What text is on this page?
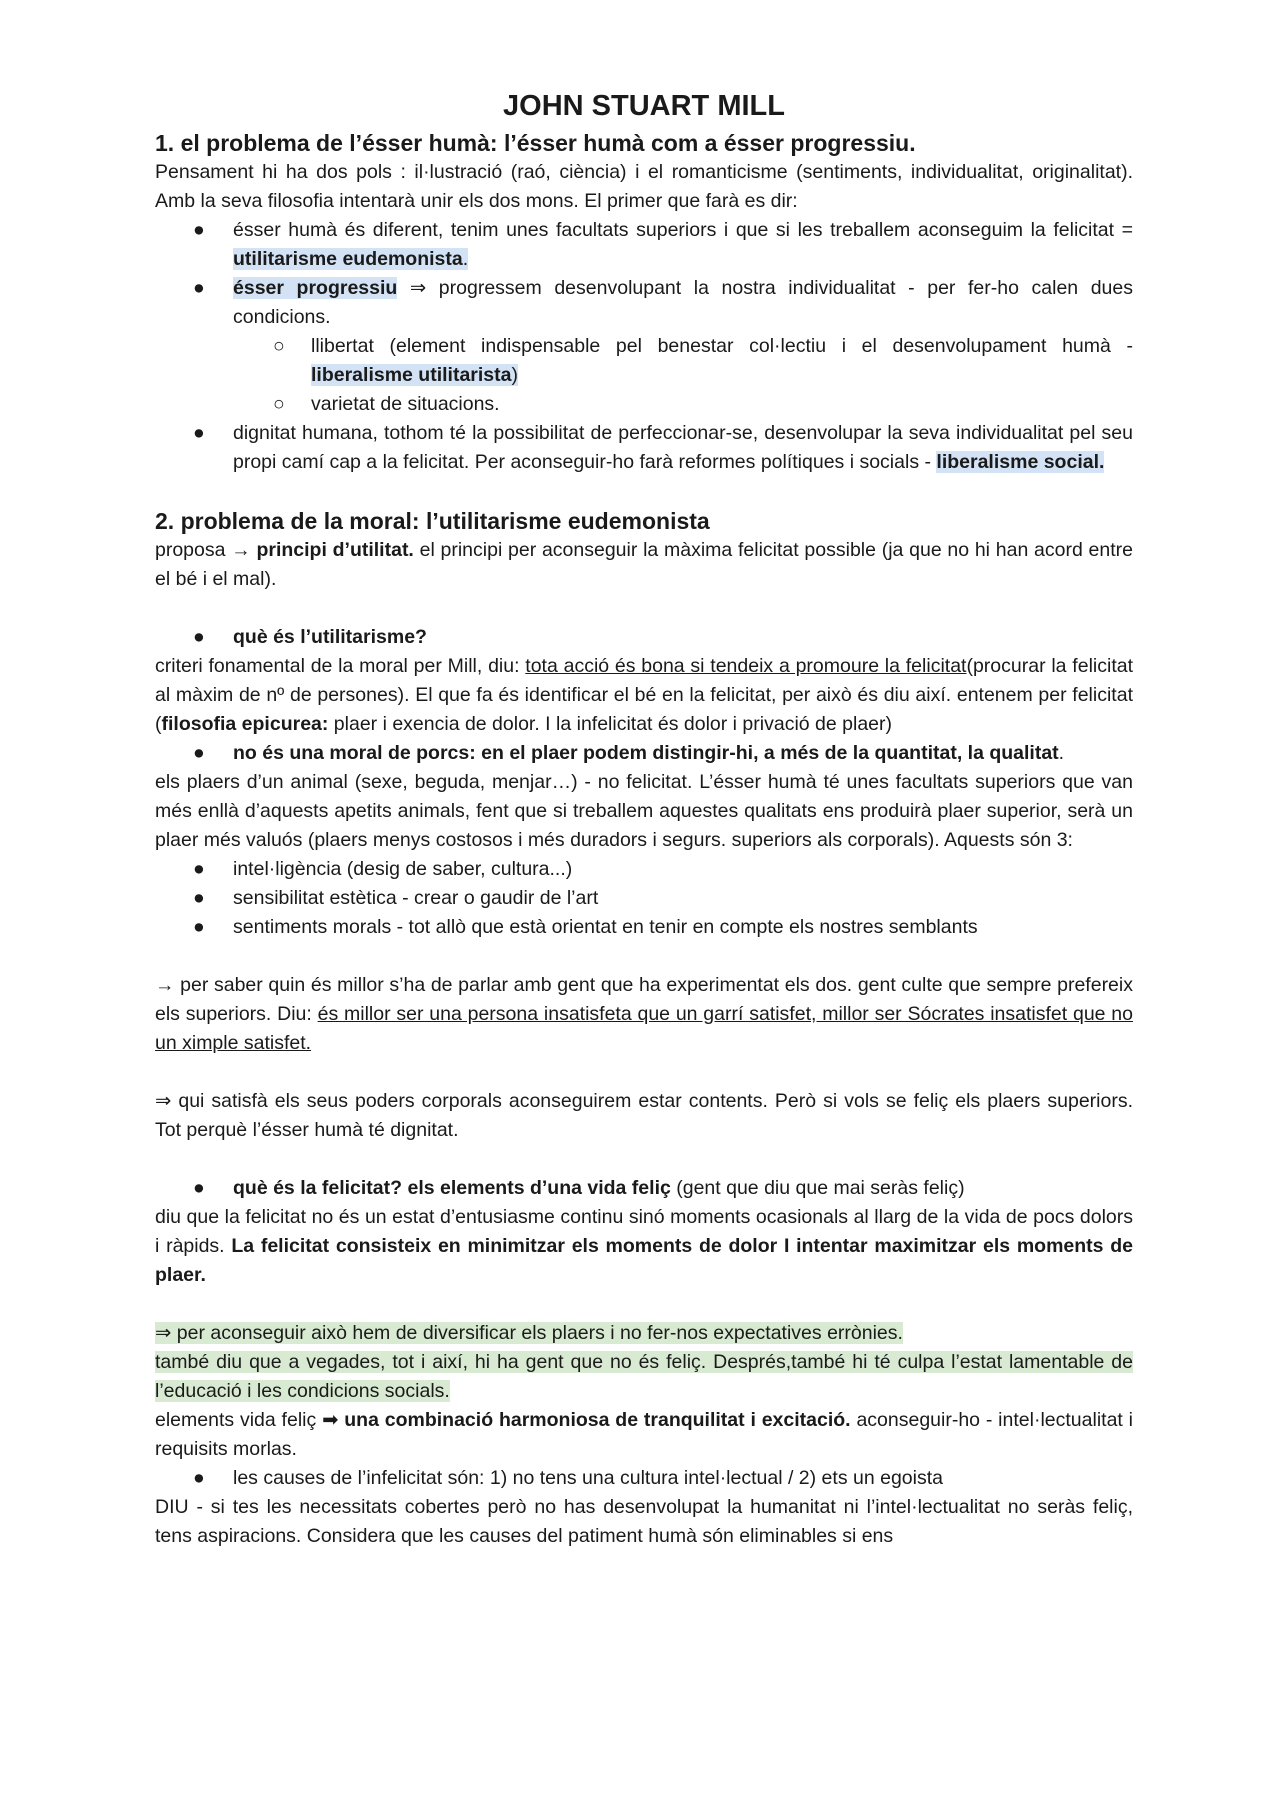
JOHN STUART MILL
1. el problema de l’ésser humà: l’ésser humà com a ésser progressiu.

Pensament hi ha dos pols : il·lustració (raó, ciència) i el romanticisme (sentiments, individualitat, originalitat). Amb la seva filosofia intentarà unir els dos mons. El primer que farà es dir:

● ésser humà és diferent, tenim unes facultats superiors i que si les treballem aconseguim la felicitat = utilitarisme eudemonista.
● ésser progressiu ⇒ progressem desenvolupant la nostra individualitat - per fer-ho calen dues condicions.
○ llibertat (element indispensable pel benestar col·lectiu i el desenvolupament humà - liberalisme utilitarista)
○ varietat de situacions.
● dignitat humana, tothom té la possibilitat de perfeccionar-se, desenvolupar la seva individualitat pel seu propi camí cap a la felicitat. Per aconseguir-ho farà reformes polítiques i socials - liberalisme social.
2. problema de la moral: l’utilitarisme eudemonista

proposa → principi d’utilitat. el principi per aconseguir la màxima felicitat possible (ja que no hi han acord entre el bé i el mal).

● què és l’utilitarisme?

criteri fonamental de la moral per Mill, diu: tota acció és bona si tendeix a promoure la felicitat(procurar la felicitat al màxim de nº de persones). El que fa és identificar el bé en la felicitat, per això és diu així. entenem per felicitat (filosofia epicurea: plaer i exencia de dolor. I la infelicitat és dolor i privació de plaer)

● no és una moral de porcs: en el plaer podem distingir-hi, a més de la quantitat, la qualitat.

els plaers d’un animal (sexe, beguda, menjar…) - no felicitat. L’ésser humà té unes facultats superiors que van més enllà d’aquests apetits animals, fent que si treballem aquestes qualitats ens produirà plaer superior, serà un plaer més valuós (plaers menys costosos i més duradors i segurs. superiors als corporals). Aquests són 3:

● intel·ligència (desig de saber, cultura...)
● sensibilitat estètica - crear o gaudir de l’art
● sentiments morals - tot allò que està orientat en tenir en compte els nostres semblants

→ per saber quin és millor s’ha de parlar amb gent que ha experimentat els dos. gent culte que sempre prefereix els superiors. Diu: és millor ser una persona insatisfeta que un garrí satisfet, millor ser Sócrates insatisfet que no un ximple satisfet.

⇒ qui satisfà els seus poders corporals aconseguirem estar contents. Però si vols se feliç els plaers superiors. Tot perquè l’ésser humà té dignitat.

● què és la felicitat? els elements d’una vida feliç (gent que diu que mai seràs feliç)

diu que la felicitat no és un estat d’entusiasme continu sinó moments ocasionals al llarg de la vida de pocs dolors i ràpids. La felicitat consisteix en minimitzar els moments de dolor I intentar maximitzar els moments de plaer.

⇒ per aconseguir això hem de diversificar els plaers i no fer-nos expectatives errònies.

també diu que a vegades, tot i així, hi ha gent que no és feliç. Després,també hi té culpa l’estat lamentable de l’educació i les condicions socials.

elements vida feliç ➡ una combinació harmoniosa de tranquilitat i excitació. aconseguir-ho - intel·lectualitat i requisits morlas.

● les causes de l’infelicitat són: 1) no tens una cultura intel·lectual / 2) ets un egoista

DIU - si tes les necessitats cobertes però no has desenvolupat la humanitat ni l’intel·lectualitat no seràs feliç, tens aspiracions. Considera que les causes del patiment humà són eliminables si ens
